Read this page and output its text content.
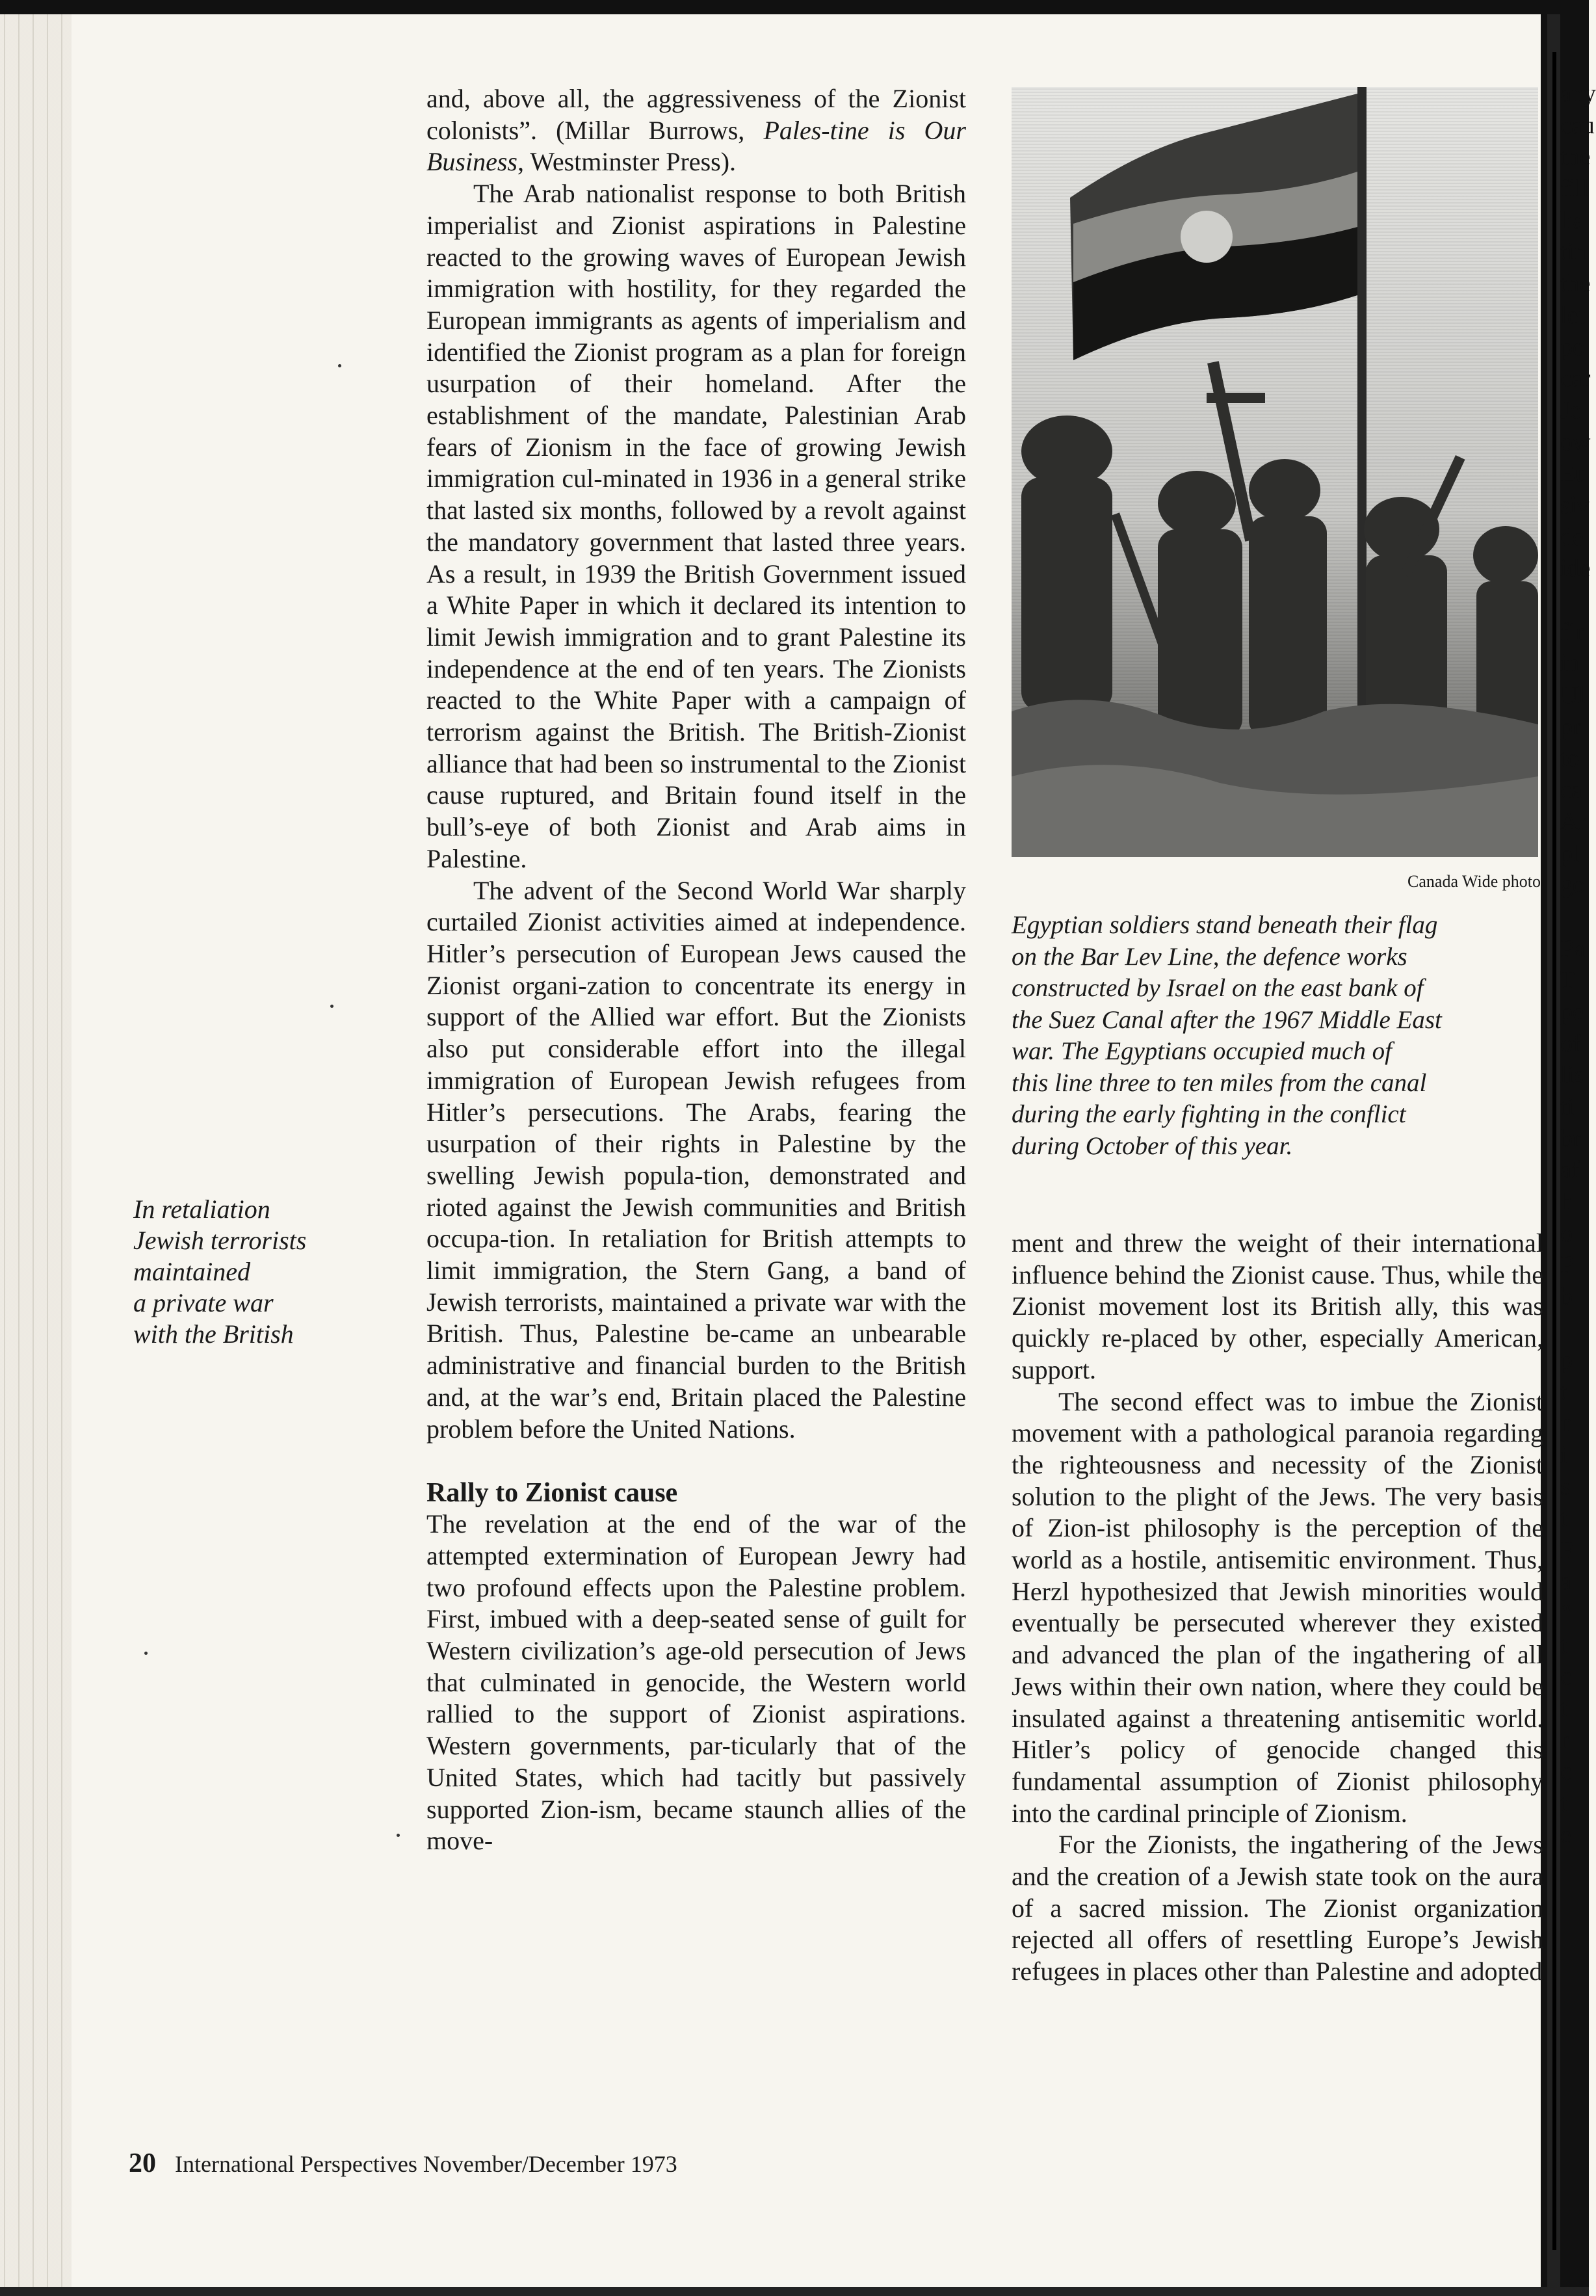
any
cau
the
fill
ha
tin
the
let
po
car
Je
ow
Eu
siv
de
ide
fir
in
Ul
pr
to
ca
Ar
pl
go
Pa
T
pe
of
lis
ti
br
af
h
o
P
b
p
t
n
i
s
t
F
a
“
t
c
t
r
c
t
e

and, above all, the aggressiveness of the Zionist colonists”. (Millar Burrows, Pales-tine is Our Business, Westminster Press).

The Arab nationalist response to both British imperialist and Zionist aspirations in Palestine reacted to the growing waves of European Jewish immigration with hostility, for they regarded the European immigrants as agents of imperialism and identified the Zionist program as a plan for foreign usurpation of their homeland. After the establishment of the mandate, Palestinian Arab fears of Zionism in the face of growing Jewish immigration cul-minated in 1936 in a general strike that lasted six months, followed by a revolt against the mandatory government that lasted three years. As a result, in 1939 the British Government issued a White Paper in which it declared its intention to limit Jewish immigration and to grant Palestine its independence at the end of ten years. The Zionists reacted to the White Paper with a campaign of terrorism against the British. The British-Zionist alliance that had been so instrumental to the Zionist cause ruptured, and Britain found itself in the bull’s-eye of both Zionist and Arab aims in Palestine.

The advent of the Second World War sharply curtailed Zionist activities aimed at independence. Hitler’s persecution of European Jews caused the Zionist organi-zation to concentrate its energy in support of the Allied war effort. But the Zionists also put considerable effort into the illegal immigration of European Jewish refugees from Hitler’s persecutions. The Arabs, fearing the usurpation of their rights in Palestine by the swelling Jewish popula-tion, demonstrated and rioted against the Jewish communities and British occupa-tion. In retaliation for British attempts to limit immigration, the Stern Gang, a band of Jewish terrorists, maintained a private war with the British. Thus, Palestine be-came an unbearable administrative and financial burden to the British and, at the war’s end, Britain placed the Palestine problem before the United Nations.

Rally to Zionist cause

The revelation at the end of the war of the attempted extermination of European Jewry had two profound effects upon the Palestine problem. First, imbued with a deep-seated sense of guilt for Western civilization’s age-old persecution of Jews that culminated in genocide, the Western world rallied to the support of Zionist aspirations. Western governments, par-ticularly that of the United States, which had tacitly but passively supported Zion-ism, became staunch allies of the move-

In retaliation
Jewish terrorists
maintained
a private war
with the British
Canada Wide photo
Egyptian soldiers stand beneath their flag
on the Bar Lev Line, the defence works
constructed by Israel on the east bank of
the Suez Canal after the 1967 Middle East
war. The Egyptians occupied much of
this line three to ten miles from the canal
during the early fighting in the conflict
during October of this year.

ment and threw the weight of their international influence behind the Zionist cause. Thus, while the Zionist movement lost its British ally, this was quickly re-placed by other, especially American, support.

The second effect was to imbue the Zionist movement with a pathological paranoia regarding the righteousness and necessity of the Zionist solution to the plight of the Jews. The very basis of Zion-ist philosophy is the perception of the world as a hostile, antisemitic environment. Thus, Herzl hypothesized that Jewish minorities would eventually be persecuted wherever they existed and advanced the plan of the ingathering of all Jews within their own nation, where they could be insulated against a threatening antisemitic world. Hitler’s policy of genocide changed this fundamental assumption of Zionist philosophy into the cardinal principle of Zionism.

For the Zionists, the ingathering of the Jews and the creation of a Jewish state took on the aura of a sacred mission. The Zionist organization rejected all offers of resettling Europe’s Jewish refugees in places other than Palestine and adopted

20 International Perspectives November/December 1973
